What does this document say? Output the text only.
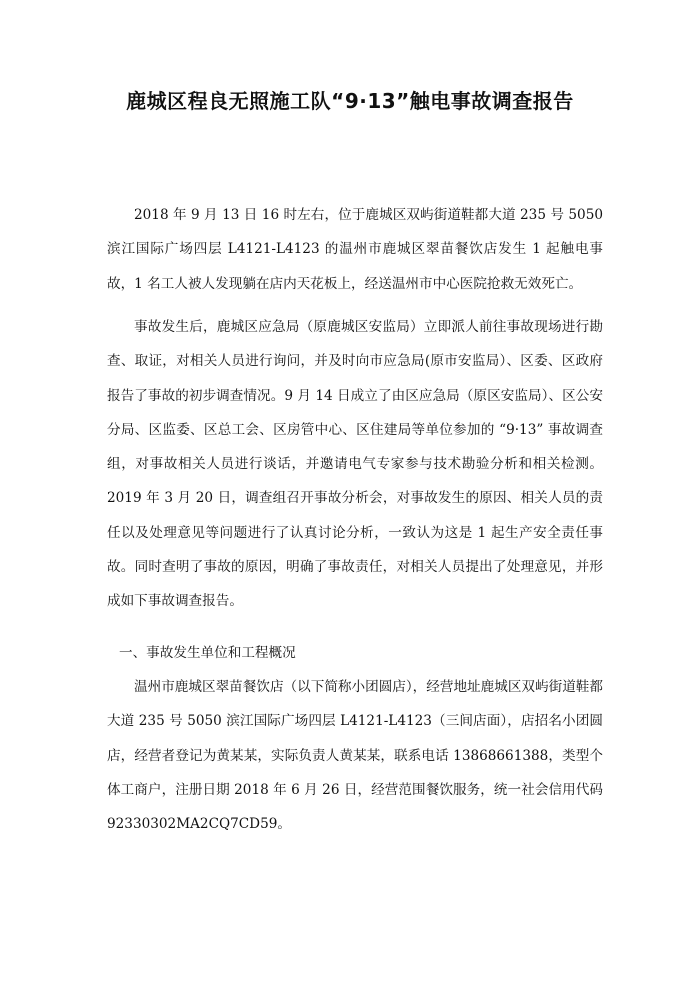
鹿城区程良无照施工队“9·13”触电事故调查报告

2018 年 9 月 13 日 16 时左右，位于鹿城区双屿街道鞋都大道 235 号 5050 滨江国际广场四层 L4121-L4123 的温州市鹿城区翠苗餐饮店发生 1 起触电事故，1 名工人被人发现躺在店内天花板上，经送温州市中心医院抢救无效死亡。

事故发生后，鹿城区应急局（原鹿城区安监局）立即派人前往事故现场进行勘查、取证，对相关人员进行询问，并及时向市应急局(原市安监局）、区委、区政府报告了事故的初步调查情况。9 月 14 日成立了由区应急局（原区安监局）、区公安分局、区监委、区总工会、区房管中心、区住建局等单位参加的 “9·13” 事故调查组，对事故相关人员进行谈话，并邀请电气专家参与技术勘验分析和相关检测。2019 年 3 月 20 日，调查组召开事故分析会，对事故发生的原因、相关人员的责任以及处理意见等问题进行了认真讨论分析，一致认为这是 1 起生产安全责任事故。同时查明了事故的原因，明确了事故责任，对相关人员提出了处理意见，并形成如下事故调查报告。

一、事故发生单位和工程概况

温州市鹿城区翠苗餐饮店（以下简称小团圆店），经营地址鹿城区双屿街道鞋都大道 235 号 5050 滨江国际广场四层 L4121-L4123（三间店面），店招名小团圆店，经营者登记为黄某某，实际负责人黄某某，联系电话 13868661388，类型个体工商户，注册日期 2018 年 6 月 26 日，经营范围餐饮服务，统一社会信用代码 92330302MA2CQ7CD59。
